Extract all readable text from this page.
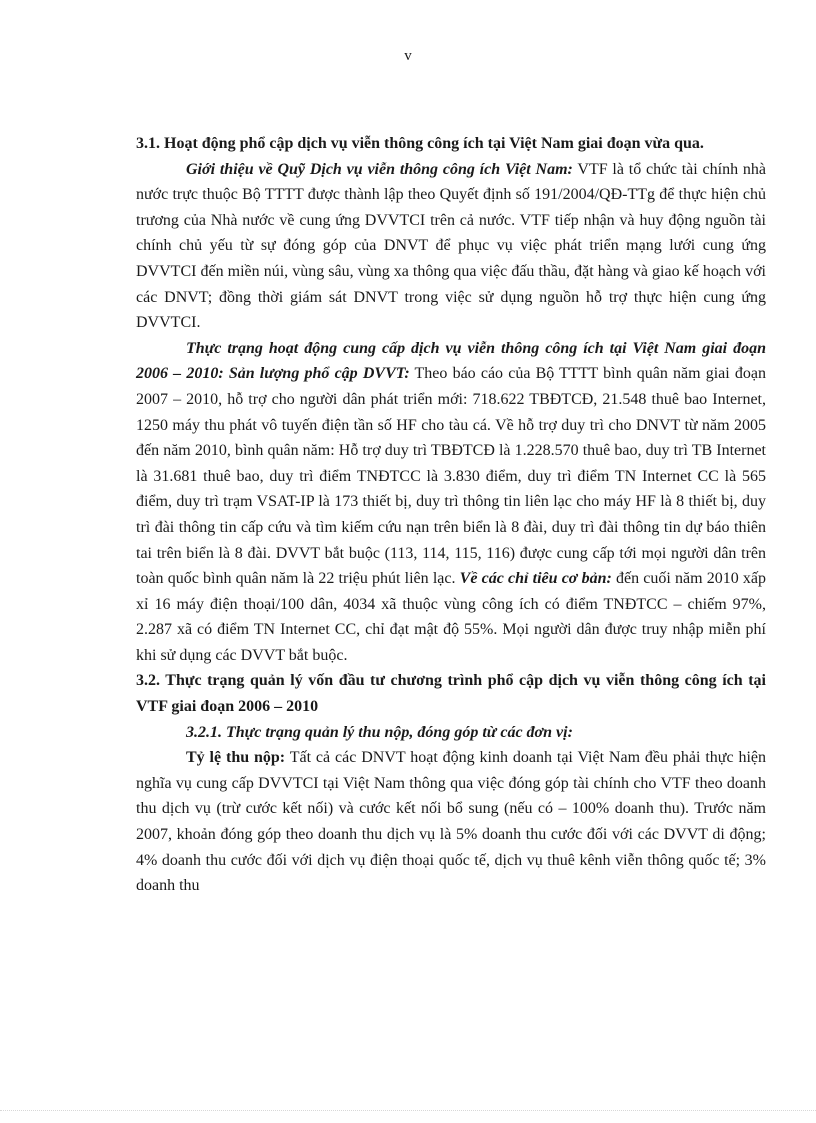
v

3.1. Hoạt động phổ cập dịch vụ viễn thông công ích tại Việt Nam giai đoạn vừa qua.

Giới thiệu về Quỹ Dịch vụ viễn thông công ích Việt Nam: VTF là tổ chức tài chính nhà nước trực thuộc Bộ TTTT được thành lập theo Quyết định số 191/2004/QĐ-TTg để thực hiện chủ trương của Nhà nước về cung ứng DVVTCI trên cả nước. VTF tiếp nhận và huy động nguồn tài chính chủ yếu từ sự đóng góp của DNVT để phục vụ việc phát triển mạng lưới cung ứng DVVTCI đến miền núi, vùng sâu, vùng xa thông qua việc đấu thầu, đặt hàng và giao kế hoạch với các DNVT; đồng thời giám sát DNVT trong việc sử dụng nguồn hỗ trợ thực hiện cung ứng DVVTCI.

Thực trạng hoạt động cung cấp dịch vụ viễn thông công ích tại Việt Nam giai đoạn 2006 – 2010: Sản lượng phổ cập DVVT: Theo báo cáo của Bộ TTTT bình quân năm giai đoạn 2007 – 2010, hỗ trợ cho người dân phát triển mới: 718.622 TBĐTCĐ, 21.548 thuê bao Internet, 1250 máy thu phát vô tuyến điện tần số HF cho tàu cá. Về hỗ trợ duy trì cho DNVT từ năm 2005 đến năm 2010, bình quân năm: Hỗ trợ duy trì TBĐTCĐ là 1.228.570 thuê bao, duy trì TB Internet là 31.681 thuê bao, duy trì điểm TNĐTCC là 3.830 điểm, duy trì điểm TN Internet CC là 565 điểm, duy trì trạm VSAT-IP là 173 thiết bị, duy trì thông tin liên lạc cho máy HF là 8 thiết bị, duy trì đài thông tin cấp cứu và tìm kiếm cứu nạn trên biển là 8 đài, duy trì đài thông tin dự báo thiên tai trên biển là 8 đài. DVVT bắt buộc (113, 114, 115, 116) được cung cấp tới mọi người dân trên toàn quốc bình quân năm là 22 triệu phút liên lạc. Về các chỉ tiêu cơ bản: đến cuối năm 2010 xấp xỉ 16 máy điện thoại/100 dân, 4034 xã thuộc vùng công ích có điểm TNĐTCC – chiếm 97%, 2.287 xã có điểm TN Internet CC, chỉ đạt mật độ 55%. Mọi người dân được truy nhập miễn phí khi sử dụng các DVVT bắt buộc.

3.2. Thực trạng quản lý vốn đầu tư chương trình phổ cập dịch vụ viễn thông công ích tại VTF giai đoạn 2006 – 2010

3.2.1. Thực trạng quản lý thu nộp, đóng góp từ các đơn vị:

Tỷ lệ thu nộp: Tất cả các DNVT hoạt động kinh doanh tại Việt Nam đều phải thực hiện nghĩa vụ cung cấp DVVTCI tại Việt Nam thông qua việc đóng góp tài chính cho VTF theo doanh thu dịch vụ (trừ cước kết nối) và cước kết nối bổ sung (nếu có – 100% doanh thu). Trước năm 2007, khoản đóng góp theo doanh thu dịch vụ là 5% doanh thu cước đối với các DVVT di động; 4% doanh thu cước đối với dịch vụ điện thoại quốc tế, dịch vụ thuê kênh viễn thông quốc tế; 3% doanh thu
